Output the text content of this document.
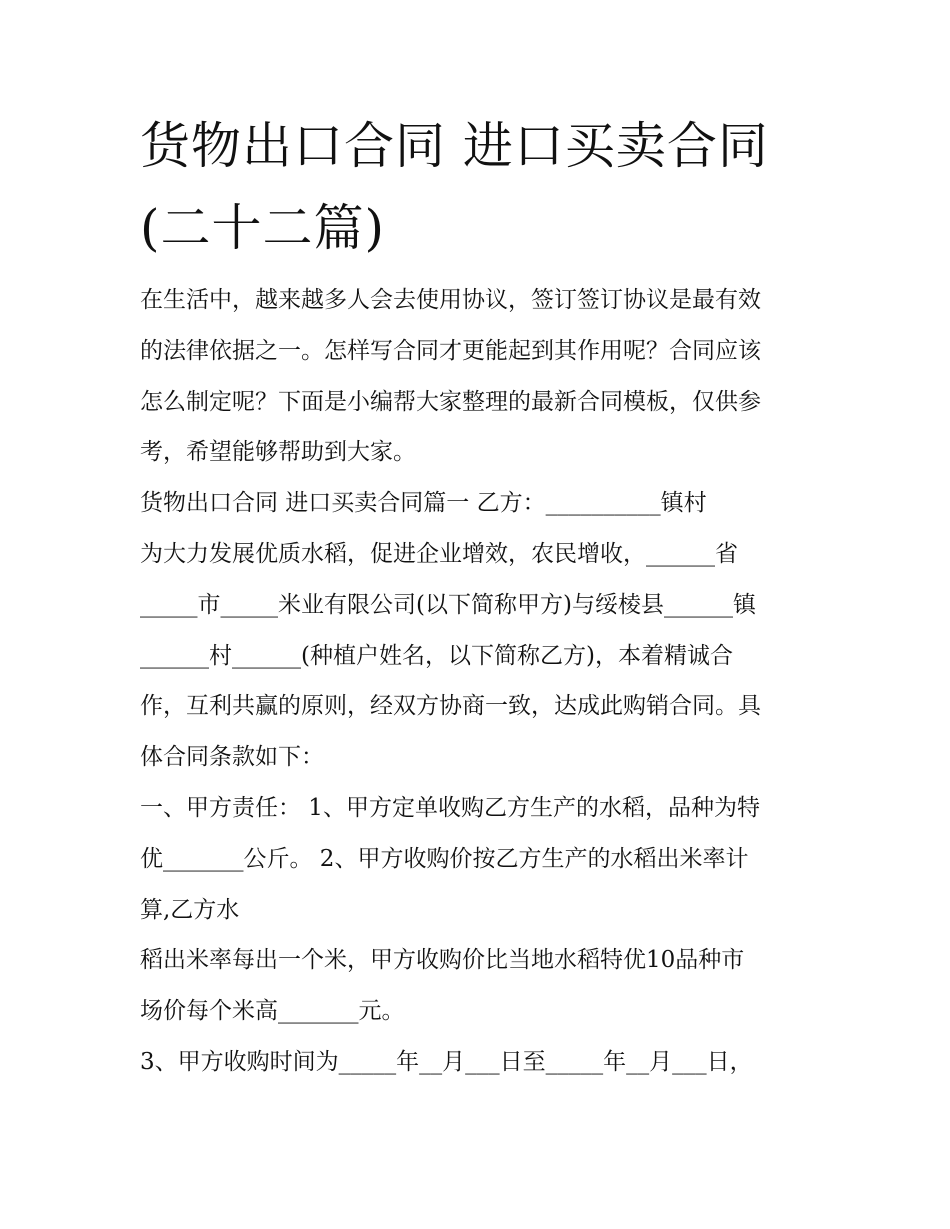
货物出口合同 进口买卖合同
(二十二篇)
在生活中，越来越多人会去使用协议，签订签订协议是最有效
的法律依据之一。怎样写合同才更能起到其作用呢？合同应该
怎么制定呢？下面是小编帮大家整理的最新合同模板，仅供参
考，希望能够帮助到大家。
货物出口合同 进口买卖合同篇一 乙方：__________镇村
为大力发展优质水稻，促进企业增效，农民增收，______省
_____市_____米业有限公司(以下简称甲方)与绥棱县______镇
______村______(种植户姓名，以下简称乙方)，本着精诚合
作，互利共赢的原则，经双方协商一致，达成此购销合同。具
体合同条款如下：
一、甲方责任： 1、甲方定单收购乙方生产的水稻，品种为特
优_______公斤。 2、甲方收购价按乙方生产的水稻出米率计
算,乙方水
稻出米率每出一个米，甲方收购价比当地水稻特优10品种市
场价每个米高_______元。
3、甲方收购时间为_____年__月___日至_____年__月___日，
